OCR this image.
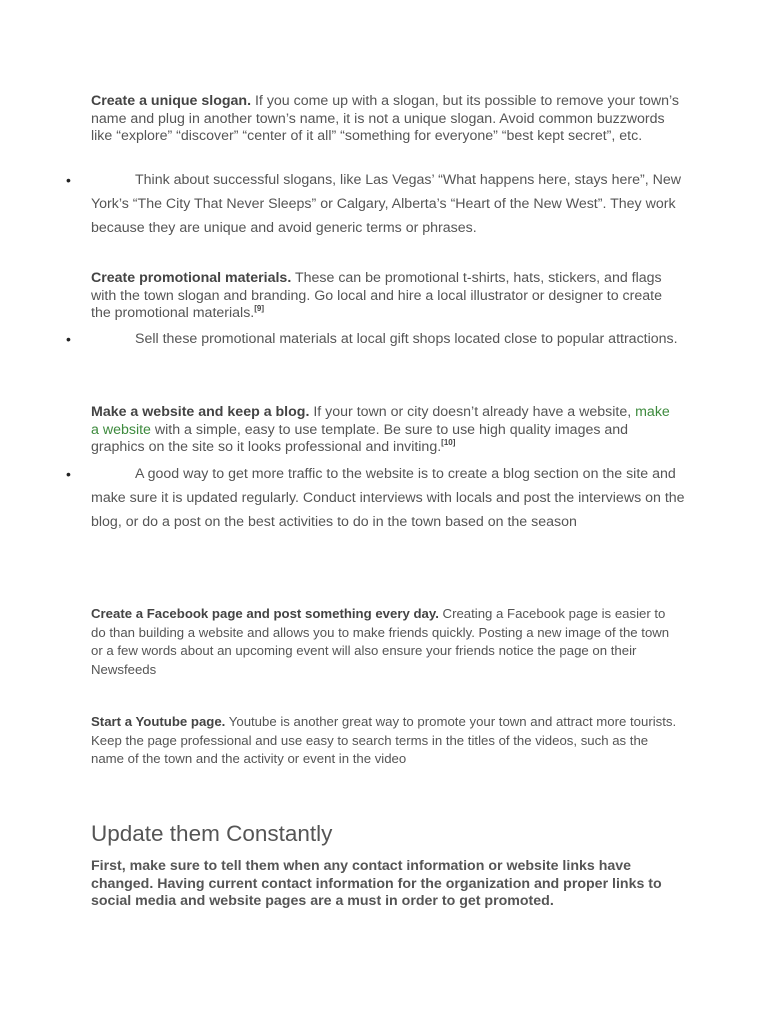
Create a unique slogan. If you come up with a slogan, but its possible to remove your town’s name and plug in another town’s name, it is not a unique slogan. Avoid common buzzwords like “explore” “discover” “center of it all” “something for everyone” “best kept secret”, etc.

•	Think about successful slogans, like Las Vegas’ “What happens here, stays here”, New York’s “The City That Never Sleeps” or Calgary, Alberta’s “Heart of the New West”. They work because they are unique and avoid generic terms or phrases.

Create promotional materials. These can be promotional t-shirts, hats, stickers, and flags with the town slogan and branding. Go local and hire a local illustrator or designer to create the promotional materials.[9]

•	Sell these promotional materials at local gift shops located close to popular attractions.

Make a website and keep a blog. If your town or city doesn’t already have a website, make a website with a simple, easy to use template. Be sure to use high quality images and graphics on the site so it looks professional and inviting.[10]

•	A good way to get more traffic to the website is to create a blog section on the site and make sure it is updated regularly. Conduct interviews with locals and post the interviews on the blog, or do a post on the best activities to do in the town based on the season

Create a Facebook page and post something every day. Creating a Facebook page is easier to do than building a website and allows you to make friends quickly. Posting a new image of the town or a few words about an upcoming event will also ensure your friends notice the page on their Newsfeeds

Start a Youtube page. Youtube is another great way to promote your town and attract more tourists. Keep the page professional and use easy to search terms in the titles of the videos, such as the name of the town and the activity or event in the video

Update them Constantly

First, make sure to tell them when any contact information or website links have changed. Having current contact information for the organization and proper links to social media and website pages are a must in order to get promoted.
